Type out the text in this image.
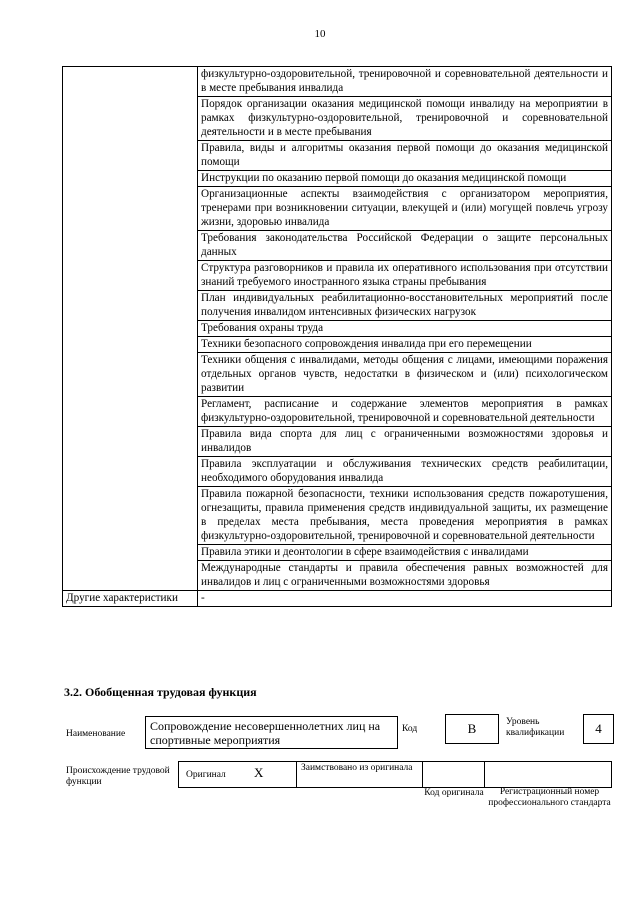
10
	физкультурно-оздоровительной, тренировочной и соревновательной деятельности и в месте пребывания инвалида
	Порядок организации оказания медицинской помощи инвалиду на мероприятии в рамках физкультурно-оздоровительной, тренировочной и соревновательной деятельности и в месте пребывания
	Правила, виды и алгоритмы оказания первой помощи до оказания медицинской помощи
	Инструкции по оказанию первой помощи до оказания медицинской помощи
	Организационные аспекты взаимодействия с организатором мероприятия, тренерами при возникновении ситуации, влекущей и (или) могущей повлечь угрозу жизни, здоровью инвалида
	Требования законодательства Российской Федерации о защите персональных данных
	Структура разговорников и правила их оперативного использования при отсутствии знаний требуемого иностранного языка страны пребывания
	План индивидуальных реабилитационно-восстановительных мероприятий после получения инвалидом интенсивных физических нагрузок
	Требования охраны труда
	Техники безопасного сопровождения инвалида при его перемещении
	Техники общения с инвалидами, методы общения с лицами, имеющими поражения отдельных органов чувств, недостатки в физическом и (или) психологическом развитии
	Регламент, расписание и содержание элементов мероприятия в рамках физкультурно-оздоровительной, тренировочной и соревновательной деятельности
	Правила вида спорта для лиц с ограниченными возможностями здоровья и инвалидов
	Правила эксплуатации и обслуживания технических средств реабилитации, необходимого оборудования инвалида
	Правила пожарной безопасности, техники использования средств пожаротушения, огнезащиты, правила применения средств индивидуальной защиты, их размещение в пределах места пребывания, места проведения мероприятия в рамках физкультурно-оздоровительной, тренировочной и соревновательной деятельности
	Правила этики и деонтологии в сфере взаимодействия с инвалидами
	Международные стандарты и правила обеспечения равных возможностей для инвалидов и лиц с ограниченными возможностями здоровья
Другие характеристики	-
3.2. Обобщенная трудовая функция
Наименование
Сопровождение несовершеннолетних лиц на спортивные мероприятия
Код	В	Уровень квалификации	4
Происхождение трудовой функции
Оригинал Х	Заимствовано из оригинала
Код оригинала	Регистрационный номер профессионального стандарта
